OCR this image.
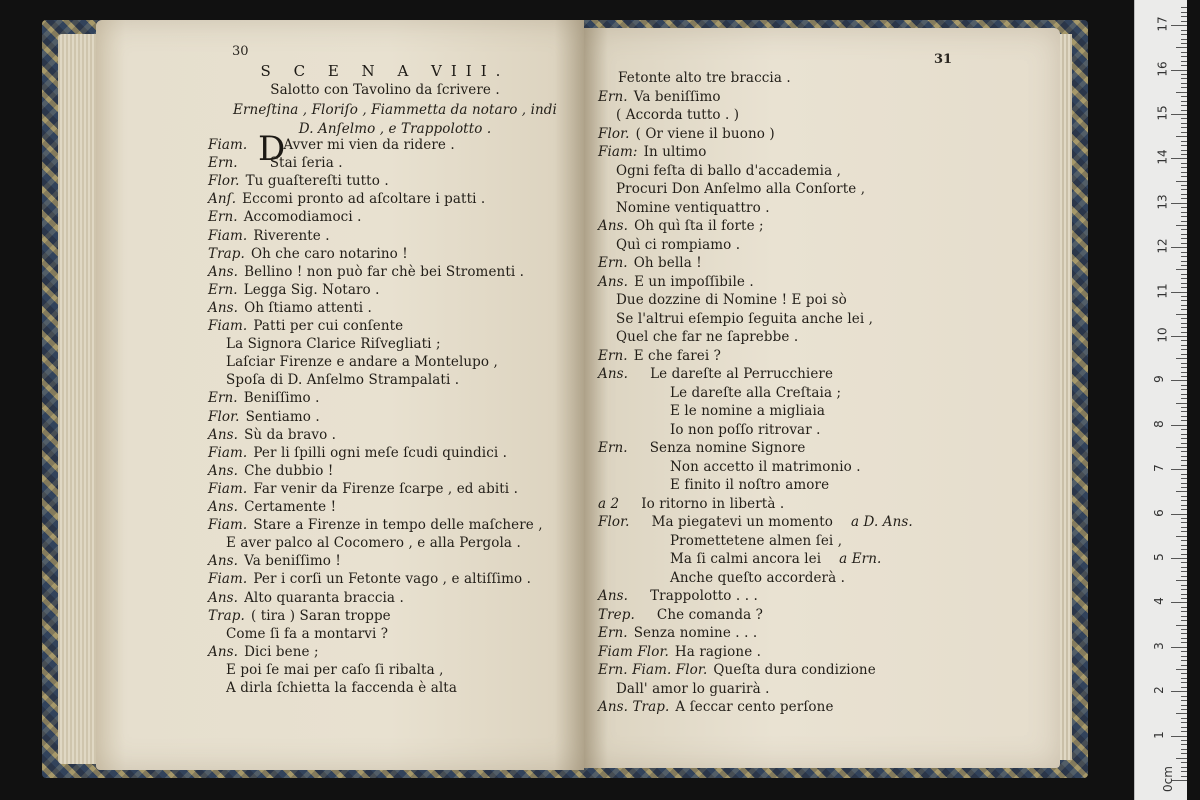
30
S C E N A VIII.
Salotto con Tavolino da ſcrivere .
Erneſtina , Floriſo , Fiammetta da notaro , indi
D. Anſelmo , e Trappolotto .
D
Fiam.	Avver mi vien da ridere .
Ern. Stai ſeria .
Flor. Tu guaſtereſti tutto .
Anſ. Eccomi pronto ad aſcoltare i patti .
Ern. Accomodiamoci .
Fiam. Riverente .
Trap. Oh che caro notarino !
Ans. Bellino ! non può far chè bei Stromenti .
Ern. Legga Sig. Notaro .
Ans. Oh ſtiamo attenti .
Fiam. Patti per cui conſente
La Signora Clarice Riſvegliati ;
Laſciar Firenze e andare a Montelupo ,
Spoſa di D. Anſelmo Strampalati .
Ern. Beniſſimo .
Flor. Sentiamo .
Ans. Sù da bravo .
Fiam. Per li ſpilli ogni meſe ſcudi quindici .
Ans. Che dubbio !
Fiam. Far venir da Firenze ſcarpe , ed abiti .
Ans. Certamente !
Fiam. Stare a Firenze in tempo delle maſchere ,
E aver palco al Cocomero , e alla Pergola .
Ans. Va beniſſimo !
Fiam. Per i corſi un Fetonte vago , e altiſſimo .
Ans. Alto quaranta braccia .
Trap. ( tira ) Saran troppe
Come ſi fa a montarvi ?
Ans. Dici bene ;
E poi ſe mai per caſo ſi ribalta ,
A dirla ſchietta la faccenda è alta
31
Fetonte alto tre braccia .
Ern. Va beniſſimo
( Accorda tutto . )
Flor. ( Or viene il buono )
Fiam: In ultimo
Ogni feſta di ballo d'accademia ,
Procuri Don Anſelmo alla Conſorte ,
Nomine ventiquattro .
Ans. Oh quì ſta il forte ;
Quì ci rompiamo .
Ern. Oh bella !
Ans. E un impoſſibile .
Due dozzine di Nomine ! E poi sò
Se l'altrui eſempio ſeguita anche lei ,
Quel che far ne ſaprebbe .
Ern. E che farei ?
Ans. Le dareſte al Perrucchiere
Le dareſte alla Creſtaia ;
E le nomine a migliaia
Io non poſſo ritrovar .
Ern. Senza nomine Signore
Non accetto il matrimonio .
E finito il noſtro amore
a 2 Io ritorno in libertà .
Flor. Ma piegatevi un momento a D. Ans.
Promettetene almen ſei ,
Ma ſi calmi ancora lei a Ern.
Anche queſto accorderà .
Ans. Trappolotto . . .
Trep. Che comanda ?
Ern. Senza nomine . . .
Fiam Flor. Ha ragione .
Ern. Fiam. Flor. Queſta dura condizione
Dall' amor lo guarirà .
Ans. Trap. A ſeccar cento perſone
0cm
1
2
3
4
5
6
7
8
9
10
11
12
13
14
15
16
17
